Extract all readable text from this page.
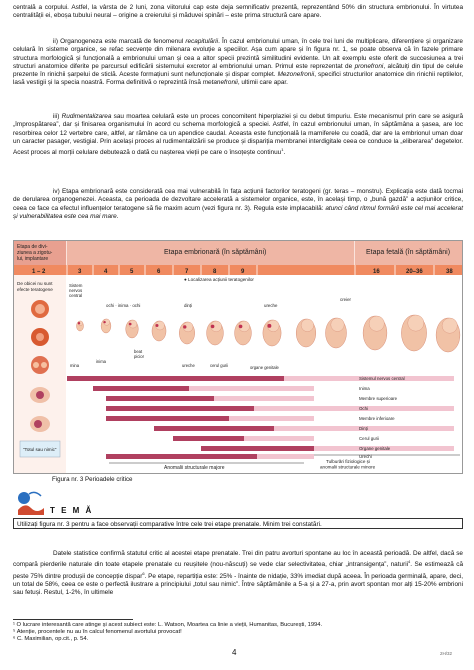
centrală a corpului. Astfel, la vârsta de 2 luni, zona viitorului cap este deja semnificativ prezentă, reprezentând 50% din structura embrionului. În virtutea centralității ei, eboșa tubului neural – origine a creierului și măduvei spinări – este prima structură care apare.

ii) Organogeneza este marcată de fenomenul recapitulării. În cazul embrionului uman, în cele trei luni de multiplicare, diferențiere și organizare celulară în sisteme organice, se refac secvențe din milenara evoluție a speciilor. Așa cum apare și în figura nr. 1, se poate observa că în fazele primare structura morfologică și funcțională a embrionului uman și cea a altor specii prezintă similitudini evidente. Un alt exemplu este oferit de succesiunea a trei structuri anatomice diferite pe parcursul edificării sistemului excretor al embrionului uman. Primul este reprezentat de pronefroni, alcătuiți din tipul de celule prezente în rinichii șarpelui de sticlă. Aceste formațiuni sunt nefuncționale și dispar complet. Mezonefronii, specifici structurilor anatomice din rinichii reptilelor, lasă vestigii și la specia noastră. Forma definitivă o reprezintă însă metanefronii, ultimii care apar.

iii) Rudimentalizarea sau moartea celulară este un proces concomitent hiperplaziei și cu debut timpuriu. Este mecanismul prin care se asigură „împrospătarea”, dar și finisarea organismului în acord cu schema morfologică a speciei. Astfel, în cazul embrionului uman, în săptămâna a șasea, are loc resorbirea celor 12 vertebre care, altfel, ar rămâne ca un apendice caudal. Aceasta este funcțională la mamiferele cu coadă, dar are la embrionul uman doar un caracter pasager, vestigial. Prin același proces al rudimentalizării se produce și dispariția membranei interdigitale ceea ce conduce la „eliberarea” degetelor. Acest proces al morții celulare debutează o dată cu nașterea vieții pe care o însoțește continuu$^1$.

iv) Etapa embrionară este considerată cea mai vulnerabilă în fața acțiunii factorilor teratogeni (gr. teras – monstru). Explicația este dată tocmai de derularea organogenezei. Aceasta, ca perioada de dezvoltare accelerată a sistemelor organice, este, în același timp, o „bună gazdă” a acțiunilor critice, ceea ce face ca efectul influențelor teratogene să fie maxim acum (vezi figura nr. 3). Regula este implacabilă: atunci când ritmul formării este cel mai accelerat și vulnerabilitatea este cea mai mare.

Etapa de divi- ziunea a zigotu- lui, implantare
Etapa embrionară (în săptămâni)	Etapa fetală (în săptămâni)
1 – 2	3	4	5	6	7	8	9	16	20–36	38
De obicei nu sunt efecte teratogene
“Totul sau nimic”
Sistem nervos central
ochi · inima · ochi	dinți
● Localizarea acțiunii teratogenilor
ureche
creier
inima
beat picior
ureche	cerul gurii	organe genitale
mina
Sistemul nervos central
Inima
Membre superioare
Ochi
Membre inferioare
Dinți
Cerul gurii
Organe genitale
Urechi
Anomalii structurale majore
Tulburări fiziologice și anomalii structurale minore
Figura nr. 3 Perioadele critice
T E M Ă
Utilizați figura nr. 3 pentru a face observații comparative între cele trei etape prenatale. Minim trei constatări.

Datele statistice confirmă statutul critic al acestei etape prenatale. Trei din patru avorturi spontane au loc în această perioadă. De altfel, dacă se compară pierderile naturale din toate etapele prenatale cu reușitele (nou-născuți) se vede clar selectivitatea, chiar „intransigența”, naturii$^4$. Se estimează că peste 75% dintre produșii de concepție dispar$^6$. Pe etape, repartiția este: 25% - înainte de nidație, 33% imediat după aceea. În perioada germinală, apare, deci, un total de 58%, ceea ce este o perfectă ilustrare a principiului „totul sau nimic”. Între săptămânile a 5-a și a 27-a, prin avort spontan mor alți 15-20% embrioni sau fetuși. Restul, 1-2%, în ultimele

¹ O lucrare interesantă care atinge și acest subiect este: L. Watson, Moartea ca linie a vieții, Humanitas, București, 1994.
⁵ Atenție, procentele nu au în calcul fenomenul avortului provocat!
⁶ C. Maximilian, op.cit., p. 54.
4	2H/32
